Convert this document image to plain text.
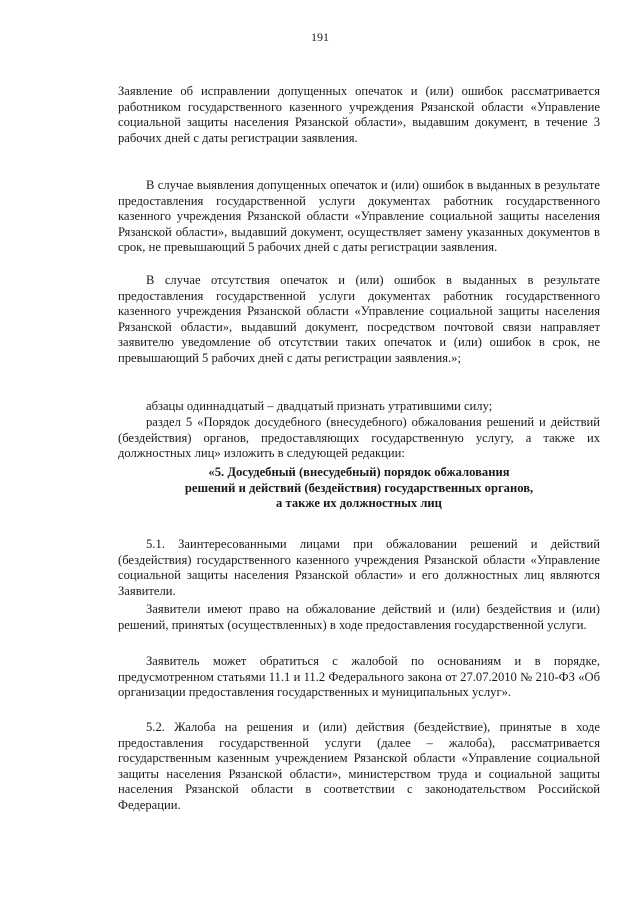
191
Заявление об исправлении допущенных опечаток и (или) ошибок рассматривается работником государственного казенного учреждения Рязанской области «Управление социальной защиты населения Рязанской области», выдавшим документ, в течение 3 рабочих дней с даты регистрации заявления.
В случае выявления допущенных опечаток и (или) ошибок в выданных в результате предоставления государственной услуги документах работник государственного казенного учреждения Рязанской области «Управление социальной защиты населения Рязанской области», выдавший документ, осуществляет замену указанных документов в срок, не превышающий 5 рабочих дней с даты регистрации заявления.
В случае отсутствия опечаток и (или) ошибок в выданных в результате предоставления государственной услуги документах работник государственного казенного учреждения Рязанской области «Управление социальной защиты населения Рязанской области», выдавший документ, посредством почтовой связи направляет заявителю уведомление об отсутствии таких опечаток и (или) ошибок в срок, не превышающий 5 рабочих дней с даты регистрации заявления.»;
абзацы одиннадцатый – двадцатый признать утратившими силу;
раздел 5 «Порядок досудебного (внесудебного) обжалования решений и действий (бездействия) органов, предоставляющих государственную услугу, а также их должностных лиц» изложить в следующей редакции:
«5. Досудебный (внесудебный) порядок обжалования
решений и действий (бездействия) государственных органов,
а также их должностных лиц
5.1. Заинтересованными лицами при обжаловании решений и действий (бездействия) государственного казенного учреждения Рязанской области «Управление социальной защиты населения Рязанской области» и его должностных лиц являются Заявители.
Заявители имеют право на обжалование действий и (или) бездействия и (или) решений, принятых (осуществленных) в ходе предоставления государственной услуги.
Заявитель может обратиться с жалобой по основаниям и в порядке, предусмотренном статьями 11.1 и 11.2 Федерального закона от 27.07.2010 № 210-ФЗ «Об организации предоставления государственных и муниципальных услуг».
5.2. Жалоба на решения и (или) действия (бездействие), принятые в ходе предоставления государственной услуги (далее – жалоба), рассматривается государственным казенным учреждением Рязанской области «Управление социальной защиты населения Рязанской области», министерством труда и социальной защиты населения Рязанской области в соответствии с законодательством Российской Федерации.
